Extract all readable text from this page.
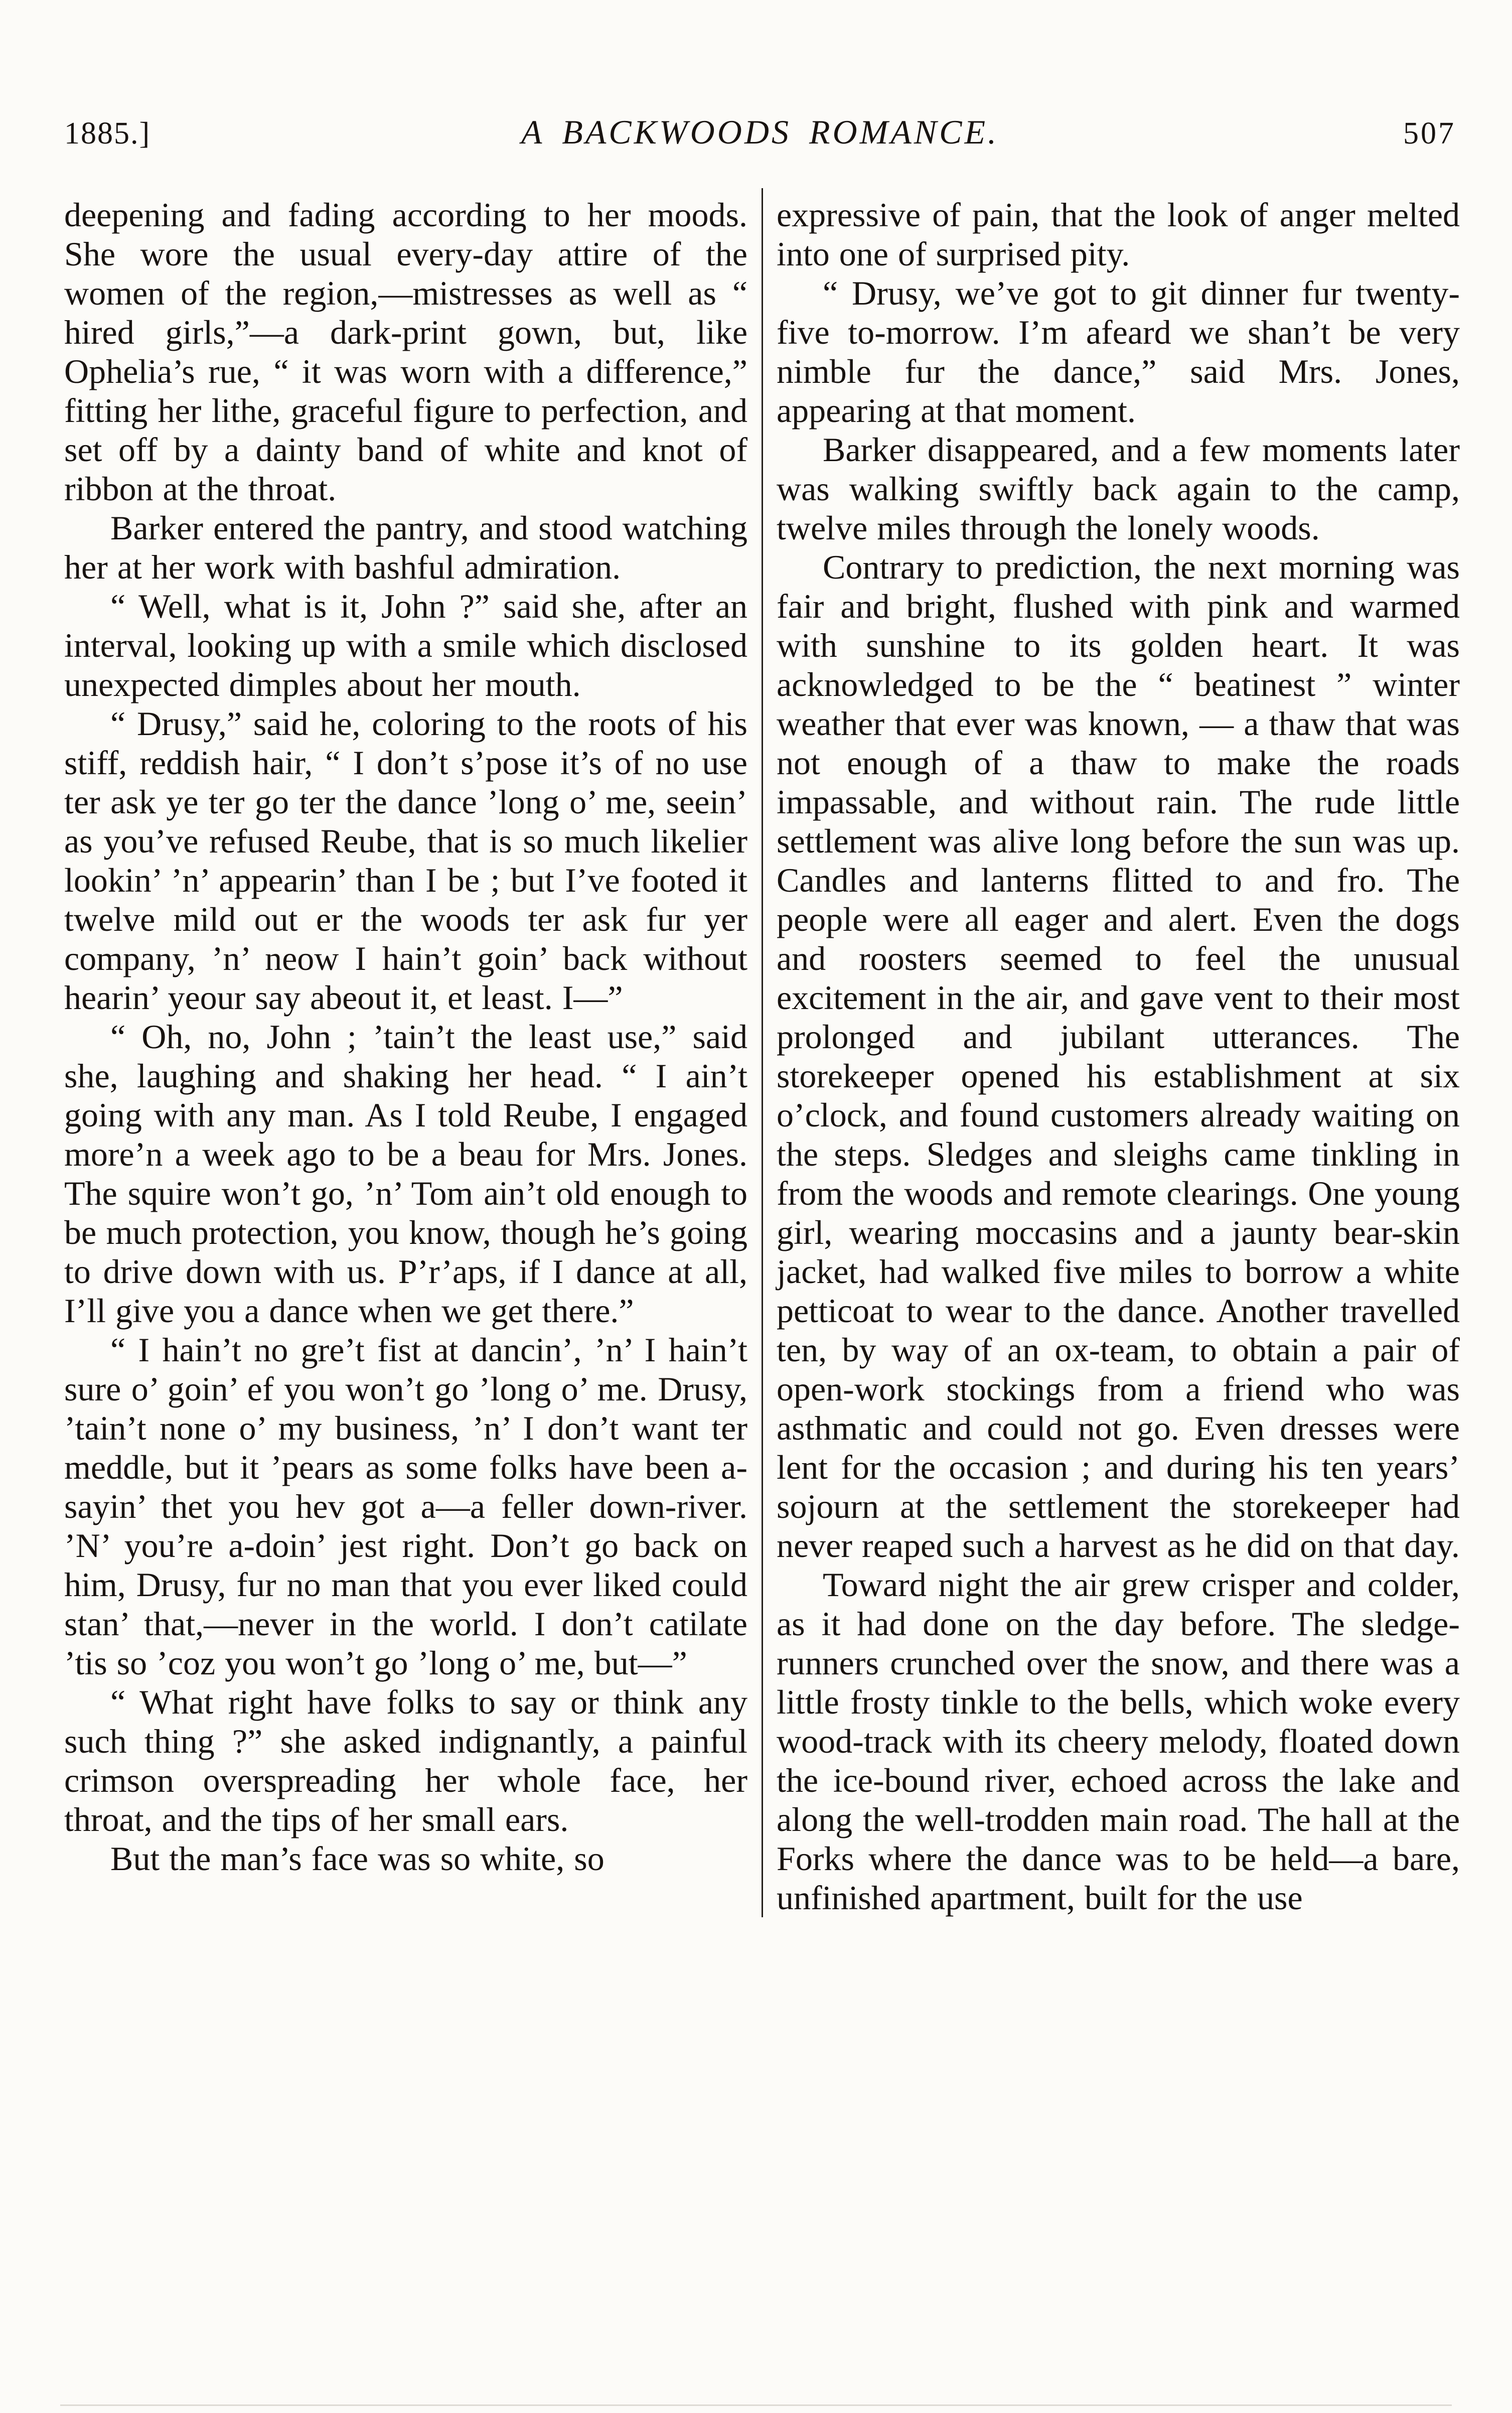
1885.]	A BACKWOODS ROMANCE.	507

deepening and fading according to her moods. She wore the usual every-day attire of the women of the region,—mistresses as well as “ hired girls,”—a dark-print gown, but, like Ophelia’s rue, “ it was worn with a difference,” fitting her lithe, graceful figure to perfection, and set off by a dainty band of white and knot of ribbon at the throat.

Barker entered the pantry, and stood watching her at her work with bashful admiration.

“ Well, what is it, John ?” said she, after an interval, looking up with a smile which disclosed unexpected dimples about her mouth.

“ Drusy,” said he, coloring to the roots of his stiff, reddish hair, “ I don’t s’pose it’s of no use ter ask ye ter go ter the dance ’long o’ me, seein’ as you’ve refused Reube, that is so much likelier lookin’ ’n’ appearin’ than I be ; but I’ve footed it twelve mild out er the woods ter ask fur yer company, ’n’ neow I hain’t goin’ back without hearin’ yeour say abeout it, et least. I—”

“ Oh, no, John ; ’tain’t the least use,” said she, laughing and shaking her head. “ I ain’t going with any man. As I told Reube, I engaged more’n a week ago to be a beau for Mrs. Jones. The squire won’t go, ’n’ Tom ain’t old enough to be much protection, you know, though he’s going to drive down with us. P’r’aps, if I dance at all, I’ll give you a dance when we get there.”

“ I hain’t no gre’t fist at dancin’, ’n’ I hain’t sure o’ goin’ ef you won’t go ’long o’ me. Drusy, ’tain’t none o’ my business, ’n’ I don’t want ter meddle, but it ’pears as some folks have been a-sayin’ thet you hev got a—a feller down-river. ’N’ you’re a-doin’ jest right. Don’t go back on him, Drusy, fur no man that you ever liked could stan’ that,—never in the world. I don’t catilate ’tis so ’coz you won’t go ’long o’ me, but—”

“ What right have folks to say or think any such thing ?” she asked indignantly, a painful crimson overspreading her whole face, her throat, and the tips of her small ears.

But the man’s face was so white, so

expressive of pain, that the look of anger melted into one of surprised pity.

“ Drusy, we’ve got to git dinner fur twenty-five to-morrow. I’m afeard we shan’t be very nimble fur the dance,” said Mrs. Jones, appearing at that moment.

Barker disappeared, and a few moments later was walking swiftly back again to the camp, twelve miles through the lonely woods.

Contrary to prediction, the next morning was fair and bright, flushed with pink and warmed with sunshine to its golden heart. It was acknowledged to be the “ beatinest ” winter weather that ever was known, — a thaw that was not enough of a thaw to make the roads impassable, and without rain. The rude little settlement was alive long before the sun was up. Candles and lanterns flitted to and fro. The people were all eager and alert. Even the dogs and roosters seemed to feel the unusual excitement in the air, and gave vent to their most prolonged and jubilant utterances. The storekeeper opened his establishment at six o’clock, and found customers already waiting on the steps. Sledges and sleighs came tinkling in from the woods and remote clearings. One young girl, wearing moccasins and a jaunty bear-skin jacket, had walked five miles to borrow a white petticoat to wear to the dance. Another travelled ten, by way of an ox-team, to obtain a pair of open-work stockings from a friend who was asthmatic and could not go. Even dresses were lent for the occasion ; and during his ten years’ sojourn at the settlement the storekeeper had never reaped such a harvest as he did on that day.

Toward night the air grew crisper and colder, as it had done on the day before. The sledge-runners crunched over the snow, and there was a little frosty tinkle to the bells, which woke every wood-track with its cheery melody, floated down the ice-bound river, echoed across the lake and along the well-trodden main road. The hall at the Forks where the dance was to be held—a bare, unfinished apartment, built for the use
